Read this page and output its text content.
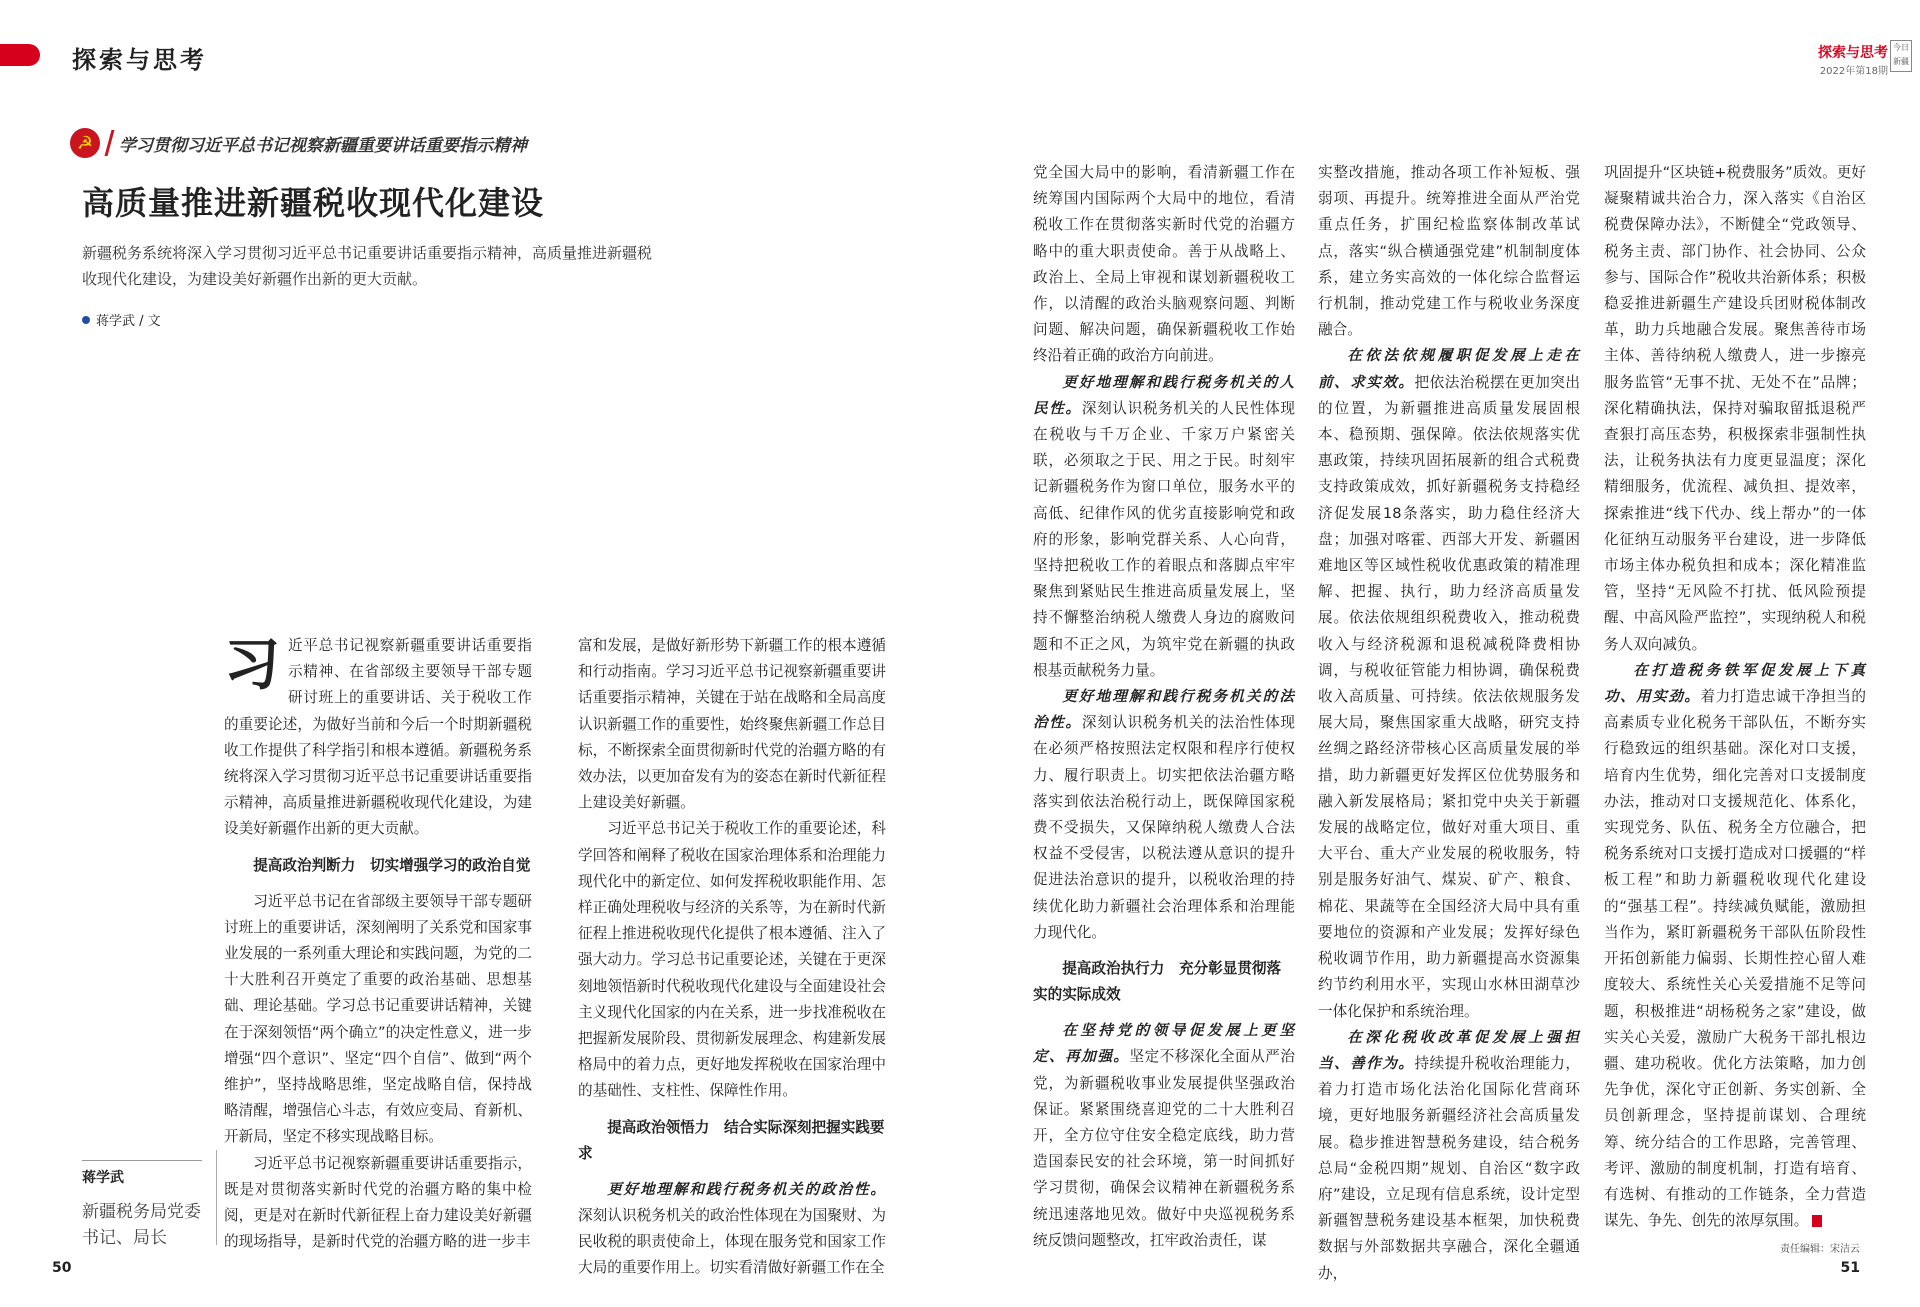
探索与思考	探索与思考
2022年第18期
今日新疆
☭	学习贯彻习近平总书记视察新疆重要讲话重要指示精神
高质量推进新疆税收现代化建设
新疆税务系统将深入学习贯彻习近平总书记重要讲话重要指示精神，高质量推进新疆税收现代化建设，为建设美好新疆作出新的更大贡献。
蒋学武 / 文
习 近平总书记视察新疆重要讲话重要指示精神、在省部级主要领导干部专题研讨班上的重要讲话、关于税收工作的重要论述，为做好当前和今后一个时期新疆税收工作提供了科学指引和根本遵循。新疆税务系统将深入学习贯彻习近平总书记重要讲话重要指示精神，高质量推进新疆税收现代化建设，为建设美好新疆作出新的更大贡献。

提高政治判断力　切实增强学习的政治自觉

习近平总书记在省部级主要领导干部专题研讨班上的重要讲话，深刻阐明了关系党和国家事业发展的一系列重大理论和实践问题，为党的二十大胜利召开奠定了重要的政治基础、思想基础、理论基础。学习总书记重要讲话精神，关键在于深刻领悟“两个确立”的决定性意义，进一步增强“四个意识”、坚定“四个自信”、做到“两个维护”，坚持战略思维，坚定战略自信，保持战略清醒，增强信心斗志，有效应变局、育新机、开新局，坚定不移实现战略目标。

习近平总书记视察新疆重要讲话重要指示，既是对贯彻落实新时代党的治疆方略的集中检阅，更是对在新时代新征程上奋力建设美好新疆的现场指导，是新时代党的治疆方略的进一步丰

富和发展，是做好新形势下新疆工作的根本遵循和行动指南。学习习近平总书记视察新疆重要讲话重要指示精神，关键在于站在战略和全局高度认识新疆工作的重要性，始终聚焦新疆工作总目标，不断探索全面贯彻新时代党的治疆方略的有效办法，以更加奋发有为的姿态在新时代新征程上建设美好新疆。

习近平总书记关于税收工作的重要论述，科学回答和阐释了税收在国家治理体系和治理能力现代化中的新定位、如何发挥税收职能作用、怎样正确处理税收与经济的关系等，为在新时代新征程上推进税收现代化提供了根本遵循、注入了强大动力。学习总书记重要论述，关键在于更深刻地领悟新时代税收现代化建设与全面建设社会主义现代化国家的内在关系，进一步找准税收在把握新发展阶段、贯彻新发展理念、构建新发展格局中的着力点，更好地发挥税收在国家治理中的基础性、支柱性、保障性作用。

提高政治领悟力　结合实际深刻把握实践要求

更好地理解和践行税务机关的政治性。深刻认识税务机关的政治性体现在为国聚财、为民收税的职责使命上，体现在服务党和国家工作大局的重要作用上。切实看清做好新疆工作在全

党全国大局中的影响，看清新疆工作在统筹国内国际两个大局中的地位，看清税收工作在贯彻落实新时代党的治疆方略中的重大职责使命。善于从战略上、政治上、全局上审视和谋划新疆税收工作，以清醒的政治头脑观察问题、判断问题、解决问题，确保新疆税收工作始终沿着正确的政治方向前进。

更好地理解和践行税务机关的人民性。深刻认识税务机关的人民性体现在税收与千万企业、千家万户紧密关联，必须取之于民、用之于民。时刻牢记新疆税务作为窗口单位，服务水平的高低、纪律作风的优劣直接影响党和政府的形象，影响党群关系、人心向背，坚持把税收工作的着眼点和落脚点牢牢聚焦到紧贴民生推进高质量发展上，坚持不懈整治纳税人缴费人身边的腐败问题和不正之风，为筑牢党在新疆的执政根基贡献税务力量。

更好地理解和践行税务机关的法治性。深刻认识税务机关的法治性体现在必须严格按照法定权限和程序行使权力、履行职责上。切实把依法治疆方略落实到依法治税行动上，既保障国家税费不受损失，又保障纳税人缴费人合法权益不受侵害，以税法遵从意识的提升促进法治意识的提升，以税收治理的持续优化助力新疆社会治理体系和治理能力现代化。

提高政治执行力　充分彰显贯彻落实的实际成效

在坚持党的领导促发展上更坚定、再加强。坚定不移深化全面从严治党，为新疆税收事业发展提供坚强政治保证。紧紧围绕喜迎党的二十大胜利召开，全方位守住安全稳定底线，助力营造国泰民安的社会环境，第一时间抓好学习贯彻，确保会议精神在新疆税务系统迅速落地见效。做好中央巡视税务系统反馈问题整改，扛牢政治责任，谋

实整改措施，推动各项工作补短板、强弱项、再提升。统筹推进全面从严治党重点任务，扩围纪检监察体制改革试点，落实“纵合横通强党建”机制制度体系，建立务实高效的一体化综合监督运行机制，推动党建工作与税收业务深度融合。

在依法依规履职促发展上走在前、求实效。把依法治税摆在更加突出的位置，为新疆推进高质量发展固根本、稳预期、强保障。依法依规落实优惠政策，持续巩固拓展新的组合式税费支持政策成效，抓好新疆税务支持稳经济促发展18条落实，助力稳住经济大盘；加强对喀霍、西部大开发、新疆困难地区等区域性税收优惠政策的精准理解、把握、执行，助力经济高质量发展。依法依规组织税费收入，推动税费收入与经济税源和退税减税降费相协调，与税收征管能力相协调，确保税费收入高质量、可持续。依法依规服务发展大局，聚焦国家重大战略，研究支持丝绸之路经济带核心区高质量发展的举措，助力新疆更好发挥区位优势服务和融入新发展格局；紧扣党中央关于新疆发展的战略定位，做好对重大项目、重大平台、重大产业发展的税收服务，特别是服务好油气、煤炭、矿产、粮食、棉花、果蔬等在全国经济大局中具有重要地位的资源和产业发展；发挥好绿色税收调节作用，助力新疆提高水资源集约节约利用水平，实现山水林田湖草沙一体化保护和系统治理。

在深化税收改革促发展上强担当、善作为。持续提升税收治理能力，着力打造市场化法治化国际化营商环境，更好地服务新疆经济社会高质量发展。稳步推进智慧税务建设，结合税务总局“金税四期”规划、自治区“数字政府”建设，立足现有信息系统，设计定型新疆智慧税务建设基本框架，加快税费数据与外部数据共享融合，深化全疆通办，

巩固提升“区块链+税费服务”质效。更好凝聚精诚共治合力，深入落实《自治区税费保障办法》，不断健全“党政领导、税务主责、部门协作、社会协同、公众参与、国际合作”税收共治新体系；积极稳妥推进新疆生产建设兵团财税体制改革，助力兵地融合发展。聚焦善待市场主体、善待纳税人缴费人，进一步擦亮服务监管“无事不扰、无处不在”品牌；深化精确执法，保持对骗取留抵退税严查狠打高压态势，积极探索非强制性执法，让税务执法有力度更显温度；深化精细服务，优流程、减负担、提效率，探索推进“线下代办、线上帮办”的一体化征纳互动服务平台建设，进一步降低市场主体办税负担和成本；深化精准监管，坚持“无风险不打扰、低风险预提醒、中高风险严监控”，实现纳税人和税务人双向减负。

在打造税务铁军促发展上下真功、用实劲。着力打造忠诚干净担当的高素质专业化税务干部队伍，不断夯实行稳致远的组织基础。深化对口支援，培育内生优势，细化完善对口支援制度办法，推动对口支援规范化、体系化，实现党务、队伍、税务全方位融合，把税务系统对口支援打造成对口援疆的“样板工程”和助力新疆税收现代化建设的“强基工程”。持续减负赋能，激励担当作为，紧盯新疆税务干部队伍阶段性开拓创新能力偏弱、长期性控心留人难度较大、系统性关心关爱措施不足等问题，积极推进“胡杨税务之家”建设，做实关心关爱，激励广大税务干部扎根边疆、建功税收。优化方法策略，加力创先争优，深化守正创新、务实创新、全员创新理念，坚持提前谋划、合理统筹、统分结合的工作思路，完善管理、考评、激励的制度机制，打造有培育、有选树、有推动的工作链条，全力营造谋先、争先、创先的浓厚氛围。

蒋学武
新疆税务局党委书记、局长
50
责任编辑：宋洁云
51
